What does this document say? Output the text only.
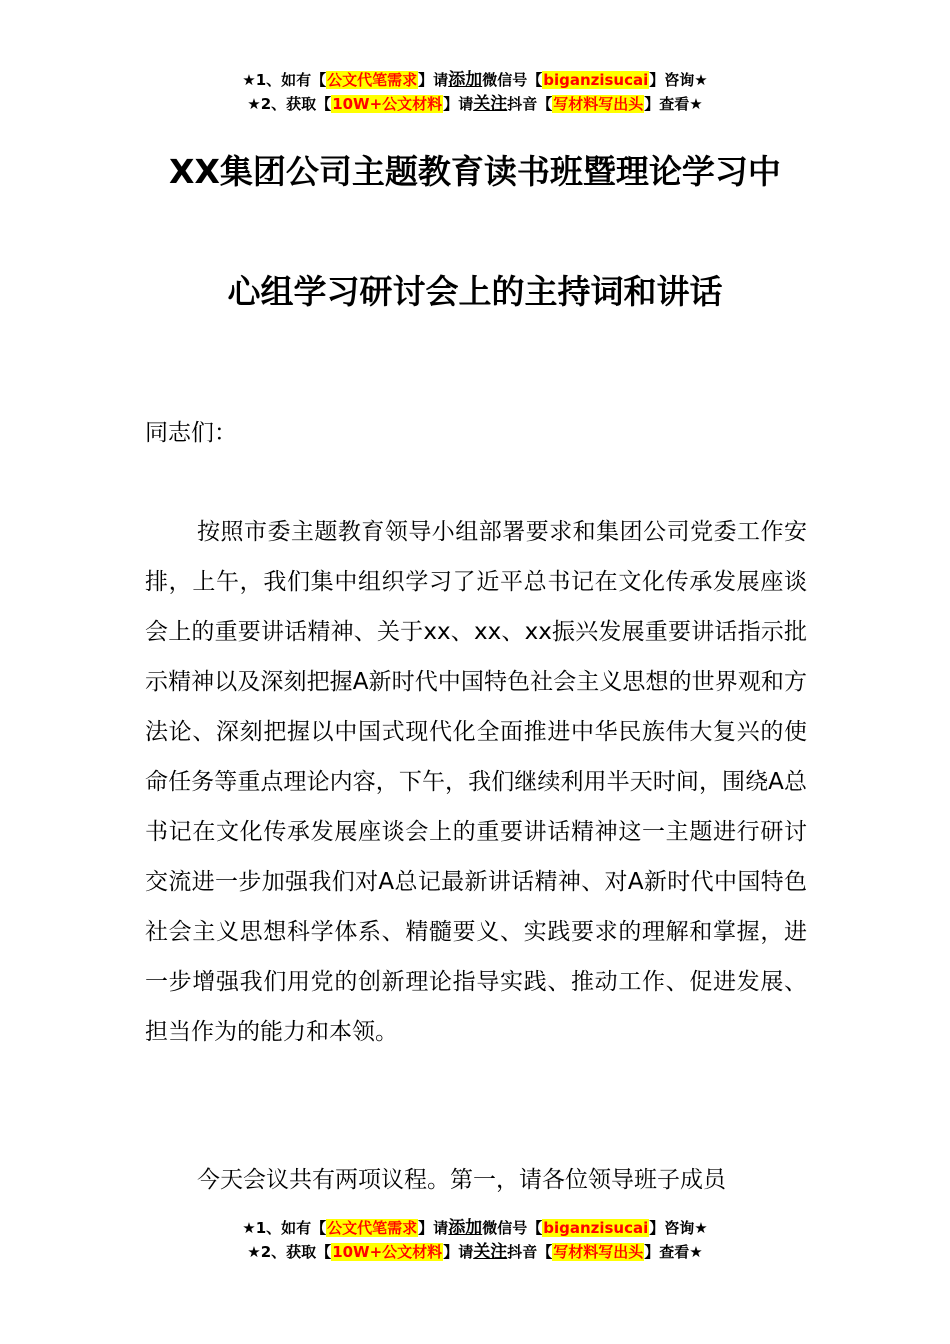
★1、如有【公文代笔需求】请添加微信号【biganzisucai】咨询★
★2、获取【10W+公文材料】请关注抖音【写材料写出头】查看★
XX集团公司主题教育读书班暨理论学习中
心组学习研讨会上的主持词和讲话
同志们：

按照市委主题教育领导小组部署要求和集团公司党委工作安排，上午，我们集中组织学习了近平总书记在文化传承发展座谈会上的重要讲话精神、关于xx、xx、xx振兴发展重要讲话指示批示精神以及深刻把握A新时代中国特色社会主义思想的世界观和方法论、深刻把握以中国式现代化全面推进中华民族伟大复兴的使命任务等重点理论内容，下午，我们继续利用半天时间，围绕A总书记在文化传承发展座谈会上的重要讲话精神这一主题进行研讨交流进一步加强我们对A总记最新讲话精神、对A新时代中国特色社会主义思想科学体系、精髓要义、实践要求的理解和掌握，进一步增强我们用党的创新理论指导实践、推动工作、促进发展、担当作为的能力和本领。

今天会议共有两项议程。第一，请各位领导班子成员

★1、如有【公文代笔需求】请添加微信号【biganzisucai】咨询★
★2、获取【10W+公文材料】请关注抖音【写材料写出头】查看★
